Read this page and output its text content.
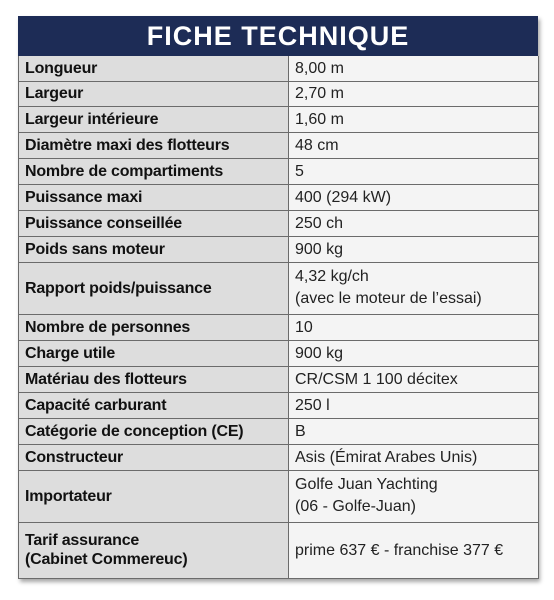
FICHE TECHNIQUE
Longueur	8,00 m

Largeur	2,70 m

Largeur intérieure	1,60 m

Diamètre maxi des flotteurs	48 cm

Nombre de compartiments	5

Puissance maxi	400 (294 kW)

Puissance conseillée	250 ch

Poids sans moteur	900 kg

Rapport poids/puissance	4,32 kg/ch
(avec le moteur de l’essai)

Nombre de personnes	10

Charge utile	900 kg

Matériau des flotteurs	CR/CSM 1 100 décitex

Capacité carburant	250 l

Catégorie de conception (CE)	B

Constructeur	Asis (Émirat Arabes Unis)

Importateur	Golfe Juan Yachting
(06 - Golfe-Juan)

Tarif assurance
(Cabinet Commereuc)	prime 637 € - franchise 377 €
